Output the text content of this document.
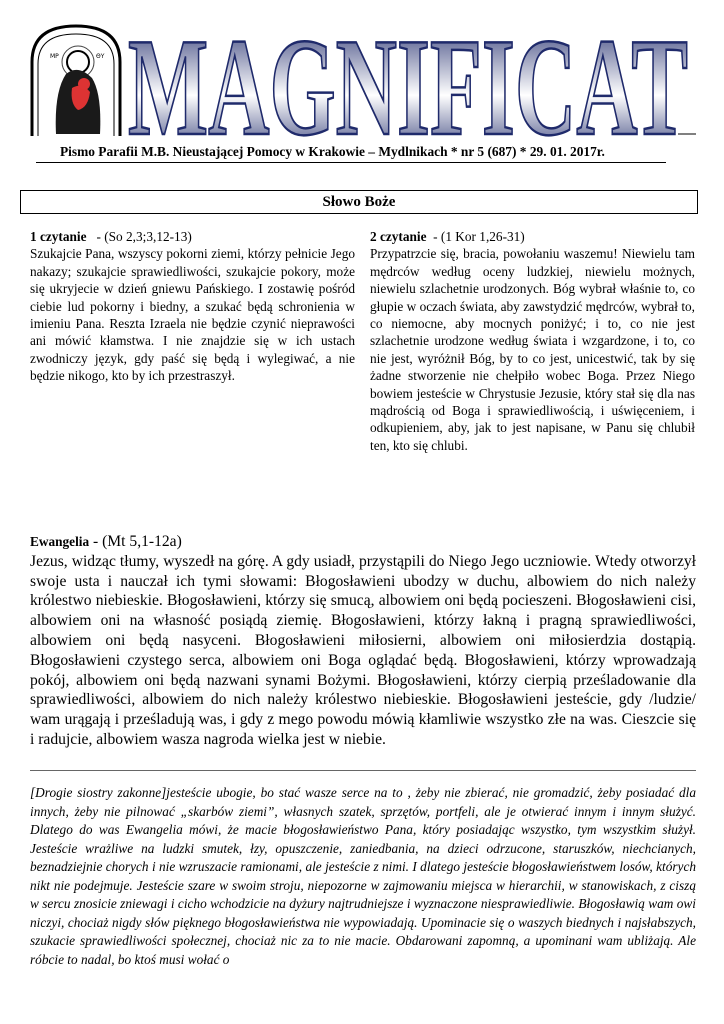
MP	ΘΥ MAGNIFICAT
Pismo Parafii M.B. Nieustającej Pomocy w Krakowie – Mydlnikach * nr 5 (687) * 29. 01. 2017r.
Słowo Boże
1 czytanie - (So 2,3;3,12-13)

Szukajcie Pana, wszyscy pokorni ziemi, którzy pełnicie Jego nakazy; szukajcie sprawiedliwości, szukajcie pokory, może się ukryjecie w dzień gniewu Pańskiego. I zostawię pośród ciebie lud pokorny i biedny, a szukać będą schronienia w imieniu Pana. Reszta Izraela nie będzie czynić nieprawości ani mówić kłamstwa. I nie znajdzie się w ich ustach zwodniczy język, gdy paść się będą i wylegiwać, a nie będzie nikogo, kto by ich przestraszył.

2 czytanie - (1 Kor 1,26-31)

Przypatrzcie się, bracia, powołaniu waszemu! Niewielu tam mędrców według oceny ludzkiej, niewielu możnych, niewielu szlachetnie urodzonych. Bóg wybrał właśnie to, co głupie w oczach świata, aby zawstydzić mędrców, wybrał to, co niemocne, aby mocnych poniżyć; i to, co nie jest szlachetnie urodzone według świata i wzgardzone, i to, co nie jest, wyróżnił Bóg, by to co jest, unicestwić, tak by się żadne stworzenie nie chełpiło wobec Boga. Przez Niego bowiem jesteście w Chrystusie Jezusie, który stał się dla nas mądrością od Boga i sprawiedliwością, i uświęceniem, i odkupieniem, aby, jak to jest napisane, w Panu się chlubił ten, kto się chlubi.

Ewangelia - (Mt 5,1-12a)

Jezus, widząc tłumy, wyszedł na górę. A gdy usiadł, przystąpili do Niego Jego uczniowie. Wtedy otworzył swoje usta i nauczał ich tymi słowami: Błogosławieni ubodzy w duchu, albowiem do nich należy królestwo niebieskie. Błogosławieni, którzy się smucą, albowiem oni będą pocieszeni. Błogosławieni cisi, albowiem oni na własność posiądą ziemię. Błogosławieni, którzy łakną i pragną sprawiedliwości, albowiem oni będą nasyceni. Błogosławieni miłosierni, albowiem oni miłosierdzia dostąpią. Błogosławieni czystego serca, albowiem oni Boga oglądać będą. Błogosławieni, którzy wprowadzają pokój, albowiem oni będą nazwani synami Bożymi. Błogosławieni, którzy cierpią prześladowanie dla sprawiedliwości, albowiem do nich należy królestwo niebieskie. Błogosławieni jesteście, gdy /ludzie/ wam urągają i prześladują was, i gdy z mego powodu mówią kłamliwie wszystko złe na was. Cieszcie się i radujcie, albowiem wasza nagroda wielka jest w niebie.

[Drogie siostry zakonne]jesteście ubogie, bo stać wasze serce na to , żeby nie zbierać, nie gromadzić, żeby posiadać dla innych, żeby nie pilnować „skarbów ziemi”, własnych szatek, sprzętów, portfeli, ale je otwierać innym i innym służyć. Dlatego do was Ewangelia mówi, że macie błogosławieństwo Pana, który posiadając wszystko, tym wszystkim służył. Jesteście wrażliwe na ludzki smutek, łzy, opuszczenie, zaniedbania, na dzieci odrzucone, staruszków, niechcianych, beznadziejnie chorych i nie wzruszacie ramionami, ale jesteście z nimi. I dlatego jesteście błogosławieństwem losów, których nikt nie podejmuje. Jesteście szare w swoim stroju, niepozorne w zajmowaniu miejsca w hierarchii, w stanowiskach, z ciszą w sercu znosicie zniewagi i cicho wchodzicie na dyżury najtrudniejsze i wyznaczone niesprawiedliwie. Błogosławią wam owi niczyi, chociaż nigdy słów pięknego błogosławieństwa nie wypowiadają. Upominacie się o waszych biednych i najsłabszych, szukacie sprawiedliwości społecznej, chociaż nic za to nie macie. Obdarowani zapomną, a upominani wam ubliżają. Ale róbcie to nadal, bo ktoś musi wołać o
